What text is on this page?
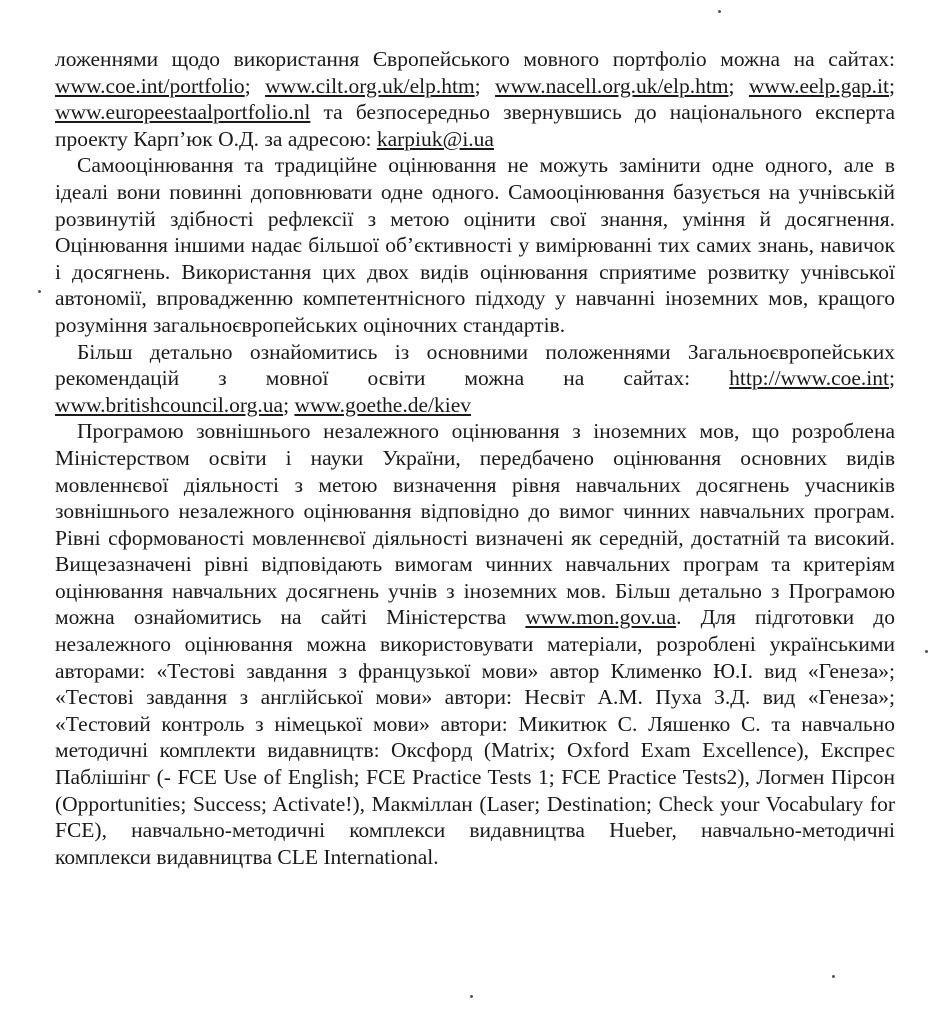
ложеннями щодо використання Європейського мовного портфоліо можна на сайтах: www.coe.int/portfolio; www.cilt.org.uk/elp.htm; www.nacell.org.uk/elp.htm; www.eelp.gap.it; www.europeestaalportfolio.nl та безпосередньо звернувшись до національного експерта проекту Карп’юк О.Д. за адресою: karpiuk@i.ua

Самооцінювання та традиційне оцінювання не можуть замінити одне одного, але в ідеалі вони повинні доповнювати одне одного. Самооцінювання базується на учнівській розвинутій здібності рефлексії з метою оцінити свої знання, уміння й досягнення. Оцінювання іншими надає більшої об’єктивності у вимірюванні тих самих знань, навичок і досягнень. Використання цих двох видів оцінювання сприятиме розвитку учнівської автономії, впровадженню компетентнісного підходу у навчанні іноземних мов, кращого розуміння загальноєвропейських оціночних стандартів.

Більш детально ознайомитись із основними положеннями Загальноєвропейських рекомендацій з мовної освіти можна на сайтах: http://www.coe.int; www.britishcouncil.org.ua; www.goethe.de/kiev

Програмою зовнішнього незалежного оцінювання з іноземних мов, що розроблена Міністерством освіти і науки України, передбачено оцінювання основних видів мовленнєвої діяльності з метою визначення рівня навчальних досягнень учасників зовнішнього незалежного оцінювання відповідно до вимог чинних навчальних програм. Рівні сформованості мовленнєвої діяльності визначені як середній, достатній та високий. Вищезазначені рівні відповідають вимогам чинних навчальних програм та критеріям оцінювання навчальних досягнень учнів з іноземних мов. Більш детально з Програмою можна ознайомитись на сайті Міністерства www.mon.gov.ua. Для підготовки до незалежного оцінювання можна використовувати матеріали, розроблені українськими авторами: «Тестові завдання з французької мови» автор Клименко Ю.І. вид «Генеза»; «Тестові завдання з англійської мови» автори: Несвіт А.М. Пуха З.Д. вид «Генеза»; «Тестовий контроль з німецької мови» автори: Микитюк С. Ляшенко С. та навчально методичні комплекти видавництв: Оксфорд (Matrix; Oxford Exam Excellence), Експрес Паблішінг (- FCE Use of English; FCE Practice Tests 1; FCE Practice Tests2), Логмен Пірсон (Opportunities; Success; Activate!), Макміллан (Laser; Destination; Check your Vocabulary for FCE), навчально-методичні комплекси видавництва Hueber, навчально-методичні комплекси видавництва CLE International.
